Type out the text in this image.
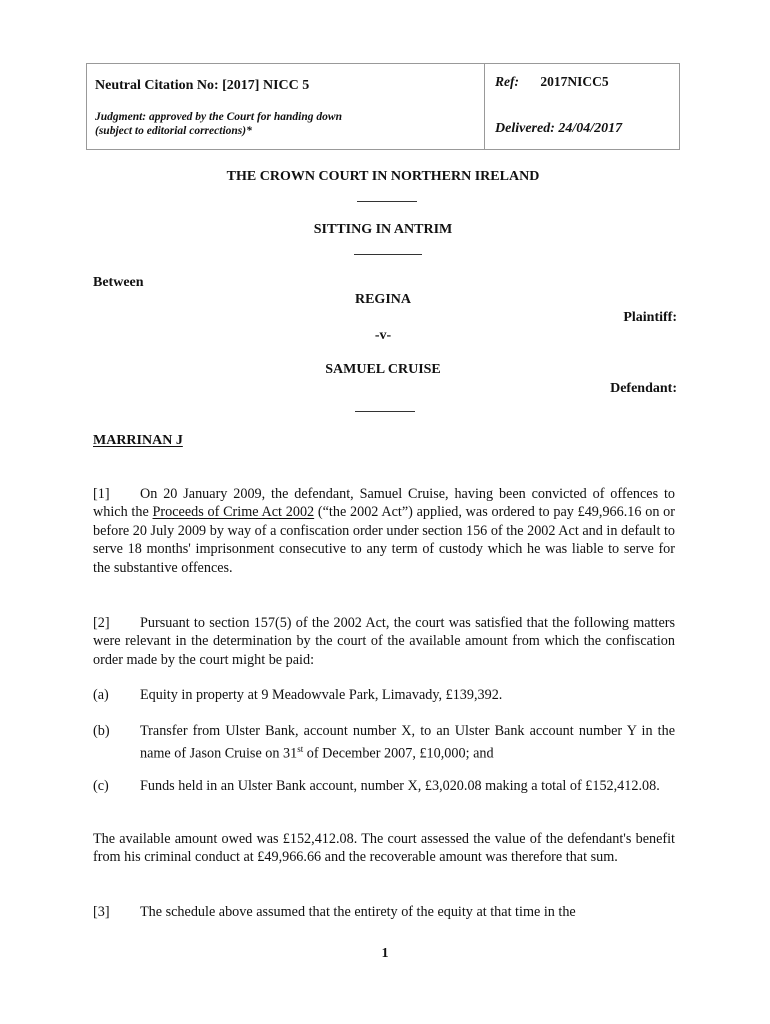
Neutral Citation No: [2017] NICC 5
Judgment: approved by the Court for handing down
(subject to editorial corrections)*
Ref: 2017NICC5
Delivered: 24/04/2017
THE CROWN COURT IN NORTHERN IRELAND
SITTING IN ANTRIM
Between
REGINA
Plaintiff:
-v-
SAMUEL CRUISE
Defendant:
MARRINAN J
[1] On 20 January 2009, the defendant, Samuel Cruise, having been convicted of offences to which the Proceeds of Crime Act 2002 (“the 2002 Act”) applied, was ordered to pay £49,966.16 on or before 20 July 2009 by way of a confiscation order under section 156 of the 2002 Act and in default to serve 18 months' imprisonment consecutive to any term of custody which he was liable to serve for the substantive offences.
[2] Pursuant to section 157(5) of the 2002 Act, the court was satisfied that the following matters were relevant in the determination by the court of the available amount from which the confiscation order made by the court might be paid:
(a) Equity in property at 9 Meadowvale Park, Limavady, £139,392.
(b) Transfer from Ulster Bank, account number X, to an Ulster Bank account number Y in the name of Jason Cruise on 31st of December 2007, £10,000; and
(c) Funds held in an Ulster Bank account, number X, £3,020.08 making a total of £152,412.08.
The available amount owed was £152,412.08. The court assessed the value of the defendant's benefit from his criminal conduct at £49,966.66 and the recoverable amount was therefore that sum.
[3] The schedule above assumed that the entirety of the equity at that time in the
1
